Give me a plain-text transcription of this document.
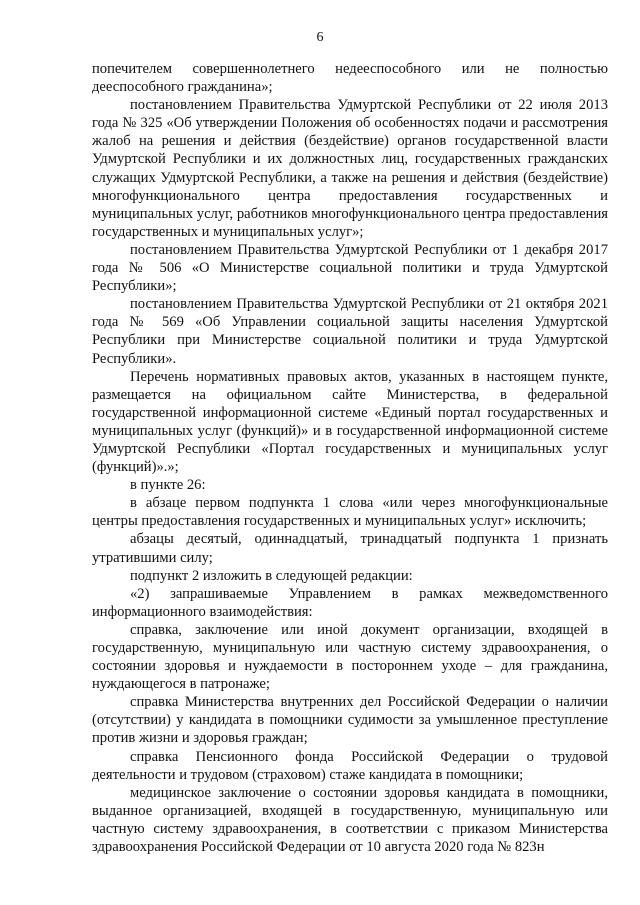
6

попечителем совершеннолетнего недееспособного или не полностью дееспособного гражданина»;

постановлением Правительства Удмуртской Республики от 22 июля 2013 года № 325 «Об утверждении Положения об особенностях подачи и рассмотрения жалоб на решения и действия (бездействие) органов государственной власти Удмуртской Республики и их должностных лиц, государственных гражданских служащих Удмуртской Республики, а также на решения и действия (бездействие) многофункционального центра предоставления государственных и муниципальных услуг, работников многофункционального центра предоставления государственных и муниципальных услуг»;

постановлением Правительства Удмуртской Республики от 1 декабря 2017 года № 506 «О Министерстве социальной политики и труда Удмуртской Республики»;

постановлением Правительства Удмуртской Республики от 21 октября 2021 года № 569 «Об Управлении социальной защиты населения Удмуртской Республики при Министерстве социальной политики и труда Удмуртской Республики».

Перечень нормативных правовых актов, указанных в настоящем пункте, размещается на официальном сайте Министерства, в федеральной государственной информационной системе «Единый портал государственных и муниципальных услуг (функций)» и в государственной информационной системе Удмуртской Республики «Портал государственных и муниципальных услуг (функций)».»;

в пункте 26:

в абзаце первом подпункта 1 слова «или через многофункциональные центры предоставления государственных и муниципальных услуг» исключить;

абзацы десятый, одиннадцатый, тринадцатый подпункта 1 признать утратившими силу;

подпункт 2 изложить в следующей редакции:

«2) запрашиваемые Управлением в рамках межведомственного информационного взаимодействия:

справка, заключение или иной документ организации, входящей в государственную, муниципальную или частную систему здравоохранения, о состоянии здоровья и нуждаемости в постороннем уходе – для гражданина, нуждающегося в патронаже;

справка Министерства внутренних дел Российской Федерации о наличии (отсутствии) у кандидата в помощники судимости за умышленное преступление против жизни и здоровья граждан;

справка Пенсионного фонда Российской Федерации о трудовой деятельности и трудовом (страховом) стаже кандидата в помощники;

медицинское заключение о состоянии здоровья кандидата в помощники, выданное организацией, входящей в государственную, муниципальную или частную систему здравоохранения, в соответствии с приказом Министерства здравоохранения Российской Федерации от 10 августа 2020 года № 823н
